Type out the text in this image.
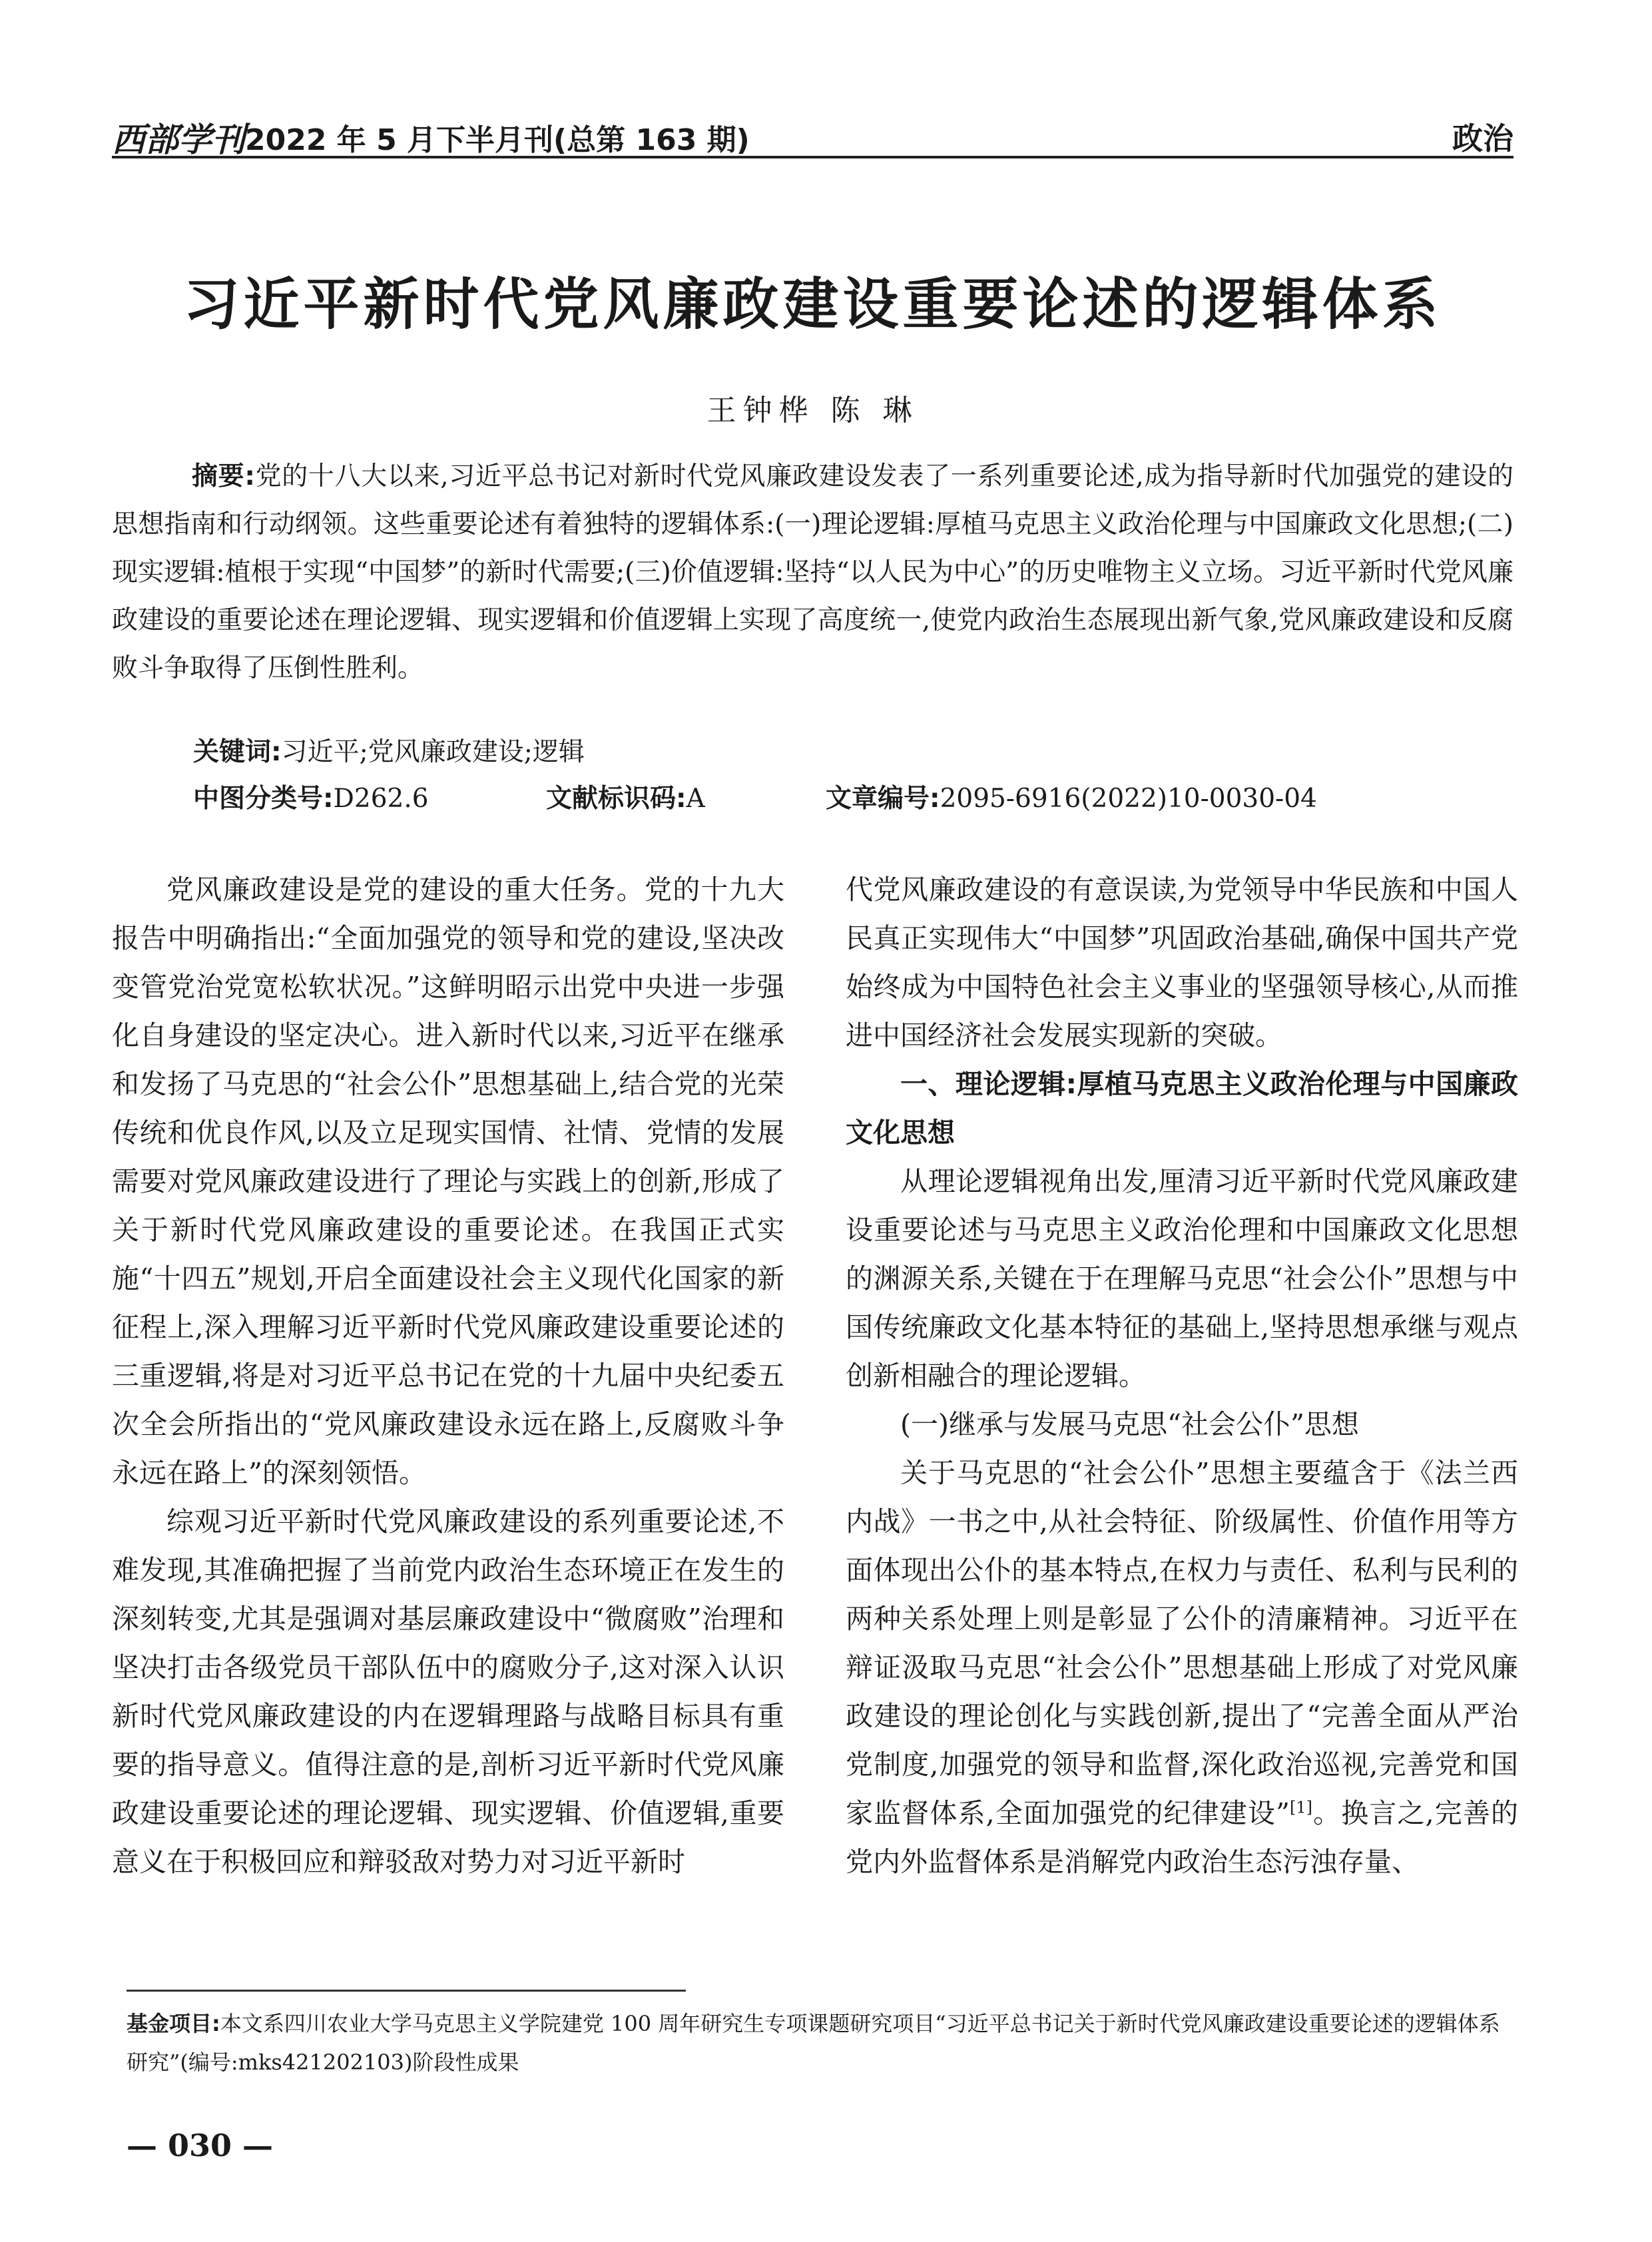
西部学刊 2022 年 5 月下半月刊(总第 163 期)	政治
习近平新时代党风廉政建设重要论述的逻辑体系
王钟桦 陈 琳
摘要:党的十八大以来,习近平总书记对新时代党风廉政建设发表了一系列重要论述,成为指导新时代加强党的建设的思想指南和行动纲领。这些重要论述有着独特的逻辑体系:(一)理论逻辑:厚植马克思主义政治伦理与中国廉政文化思想;(二)现实逻辑:植根于实现“中国梦”的新时代需要;(三)价值逻辑:坚持“以人民为中心”的历史唯物主义立场。习近平新时代党风廉政建设的重要论述在理论逻辑、现实逻辑和价值逻辑上实现了高度统一,使党内政治生态展现出新气象,党风廉政建设和反腐败斗争取得了压倒性胜利。
关键词:习近平;党风廉政建设;逻辑
中图分类号:D262.6	文献标识码:A	文章编号:2095-6916(2022)10-0030-04

党风廉政建设是党的建设的重大任务。党的十九大报告中明确指出:“全面加强党的领导和党的建设,坚决改变管党治党宽松软状况。”这鲜明昭示出党中央进一步强化自身建设的坚定决心。进入新时代以来,习近平在继承和发扬了马克思的“社会公仆”思想基础上,结合党的光荣传统和优良作风,以及立足现实国情、社情、党情的发展需要对党风廉政建设进行了理论与实践上的创新,形成了关于新时代党风廉政建设的重要论述。在我国正式实施“十四五”规划,开启全面建设社会主义现代化国家的新征程上,深入理解习近平新时代党风廉政建设重要论述的三重逻辑,将是对习近平总书记在党的十九届中央纪委五次全会所指出的“党风廉政建设永远在路上,反腐败斗争永远在路上”的深刻领悟。

综观习近平新时代党风廉政建设的系列重要论述,不难发现,其准确把握了当前党内政治生态环境正在发生的深刻转变,尤其是强调对基层廉政建设中“微腐败”治理和坚决打击各级党员干部队伍中的腐败分子,这对深入认识新时代党风廉政建设的内在逻辑理路与战略目标具有重要的指导意义。值得注意的是,剖析习近平新时代党风廉政建设重要论述的理论逻辑、现实逻辑、价值逻辑,重要意义在于积极回应和辩驳敌对势力对习近平新时

代党风廉政建设的有意误读,为党领导中华民族和中国人民真正实现伟大“中国梦”巩固政治基础,确保中国共产党始终成为中国特色社会主义事业的坚强领导核心,从而推进中国经济社会发展实现新的突破。

一、理论逻辑:厚植马克思主义政治伦理与中国廉政文化思想

从理论逻辑视角出发,厘清习近平新时代党风廉政建设重要论述与马克思主义政治伦理和中国廉政文化思想的渊源关系,关键在于在理解马克思“社会公仆”思想与中国传统廉政文化基本特征的基础上,坚持思想承继与观点创新相融合的理论逻辑。

(一)继承与发展马克思“社会公仆”思想

关于马克思的“社会公仆”思想主要蕴含于《法兰西内战》一书之中,从社会特征、阶级属性、价值作用等方面体现出公仆的基本特点,在权力与责任、私利与民利的两种关系处理上则是彰显了公仆的清廉精神。习近平在辩证汲取马克思“社会公仆”思想基础上形成了对党风廉政建设的理论创化与实践创新,提出了“完善全面从严治党制度,加强党的领导和监督,深化政治巡视,完善党和国家监督体系,全面加强党的纪律建设”[1]。换言之,完善的党内外监督体系是消解党内政治生态污浊存量、

基金项目:本文系四川农业大学马克思主义学院建党 100 周年研究生专项课题研究项目“习近平总书记关于新时代党风廉政建设重要论述的逻辑体系研究”(编号:mks421202103)阶段性成果
— 030 —
